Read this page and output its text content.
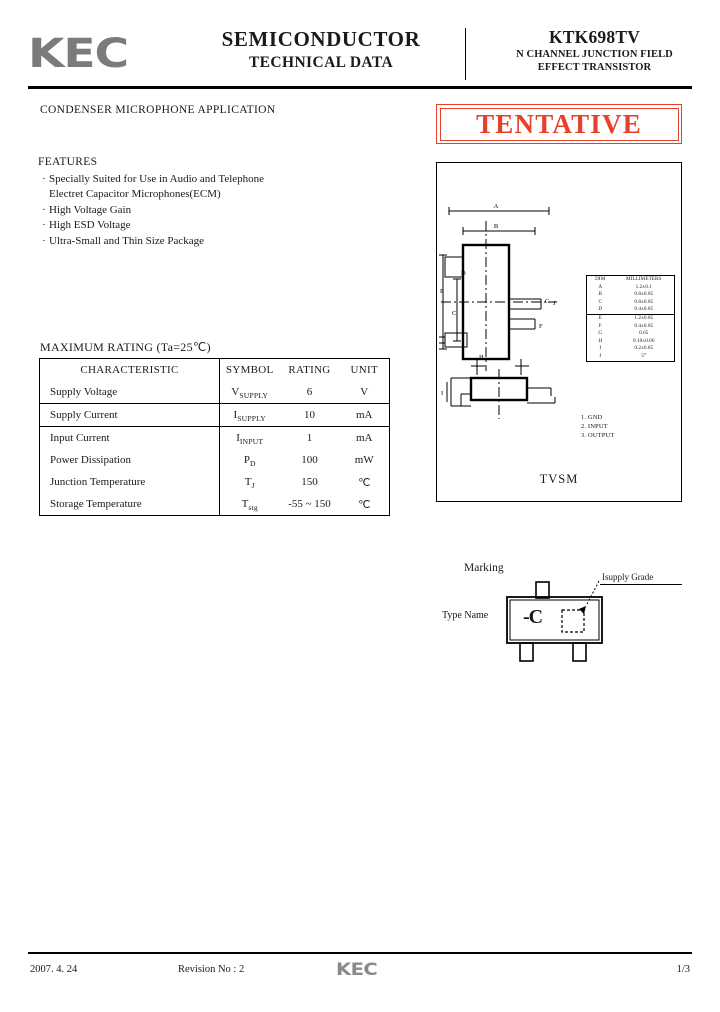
KEC	SEMICONDUCTOR
TECHNICAL DATA
KTK698TV
N CHANNEL JUNCTION FIELD
EFFECT TRANSISTOR
CONDENSER MICROPHONE APPLICATION
FEATURES
· Specially Suited for Use in Audio and Telephone
Electret Capacitor Microphones(ECM)
· High Voltage Gain
· High ESD Voltage
· Ultra-Small and Thin Size Package
MAXIMUM RATING (Ta=25℃)
CHARACTERISTIC	SYMBOL	RATING	UNIT
Supply Voltage	$V_{SUPPLY}$	6	V
Supply Current	$I_{SUPPLY}$	10	mA
Input Current	$I_{INPUT}$	1	mA
Power Dissipation	$P_D$	100	mW
Junction Temperature	$T_J$	150	℃
Storage Temperature	$T_{stg}$	-55 ~ 150	℃
TENTATIVE
A
B
E
C
D
G J
F
H
I
DIM	MILLIMETERS
A	1.2±0.1
B	0.8±0.05
C	0.8±0.05
D	0.4±0.05
E	1.2±0.05
F	0.4±0.05
G	0.65
H	0.10±0.06
I	0.2±0.05
J	5°
1. GND
2. INPUT
3. OUTPUT
TVSM
Marking
Type Name
Isupply Grade
-C
2007. 4. 24	Revision No : 2	KEC	1/3
